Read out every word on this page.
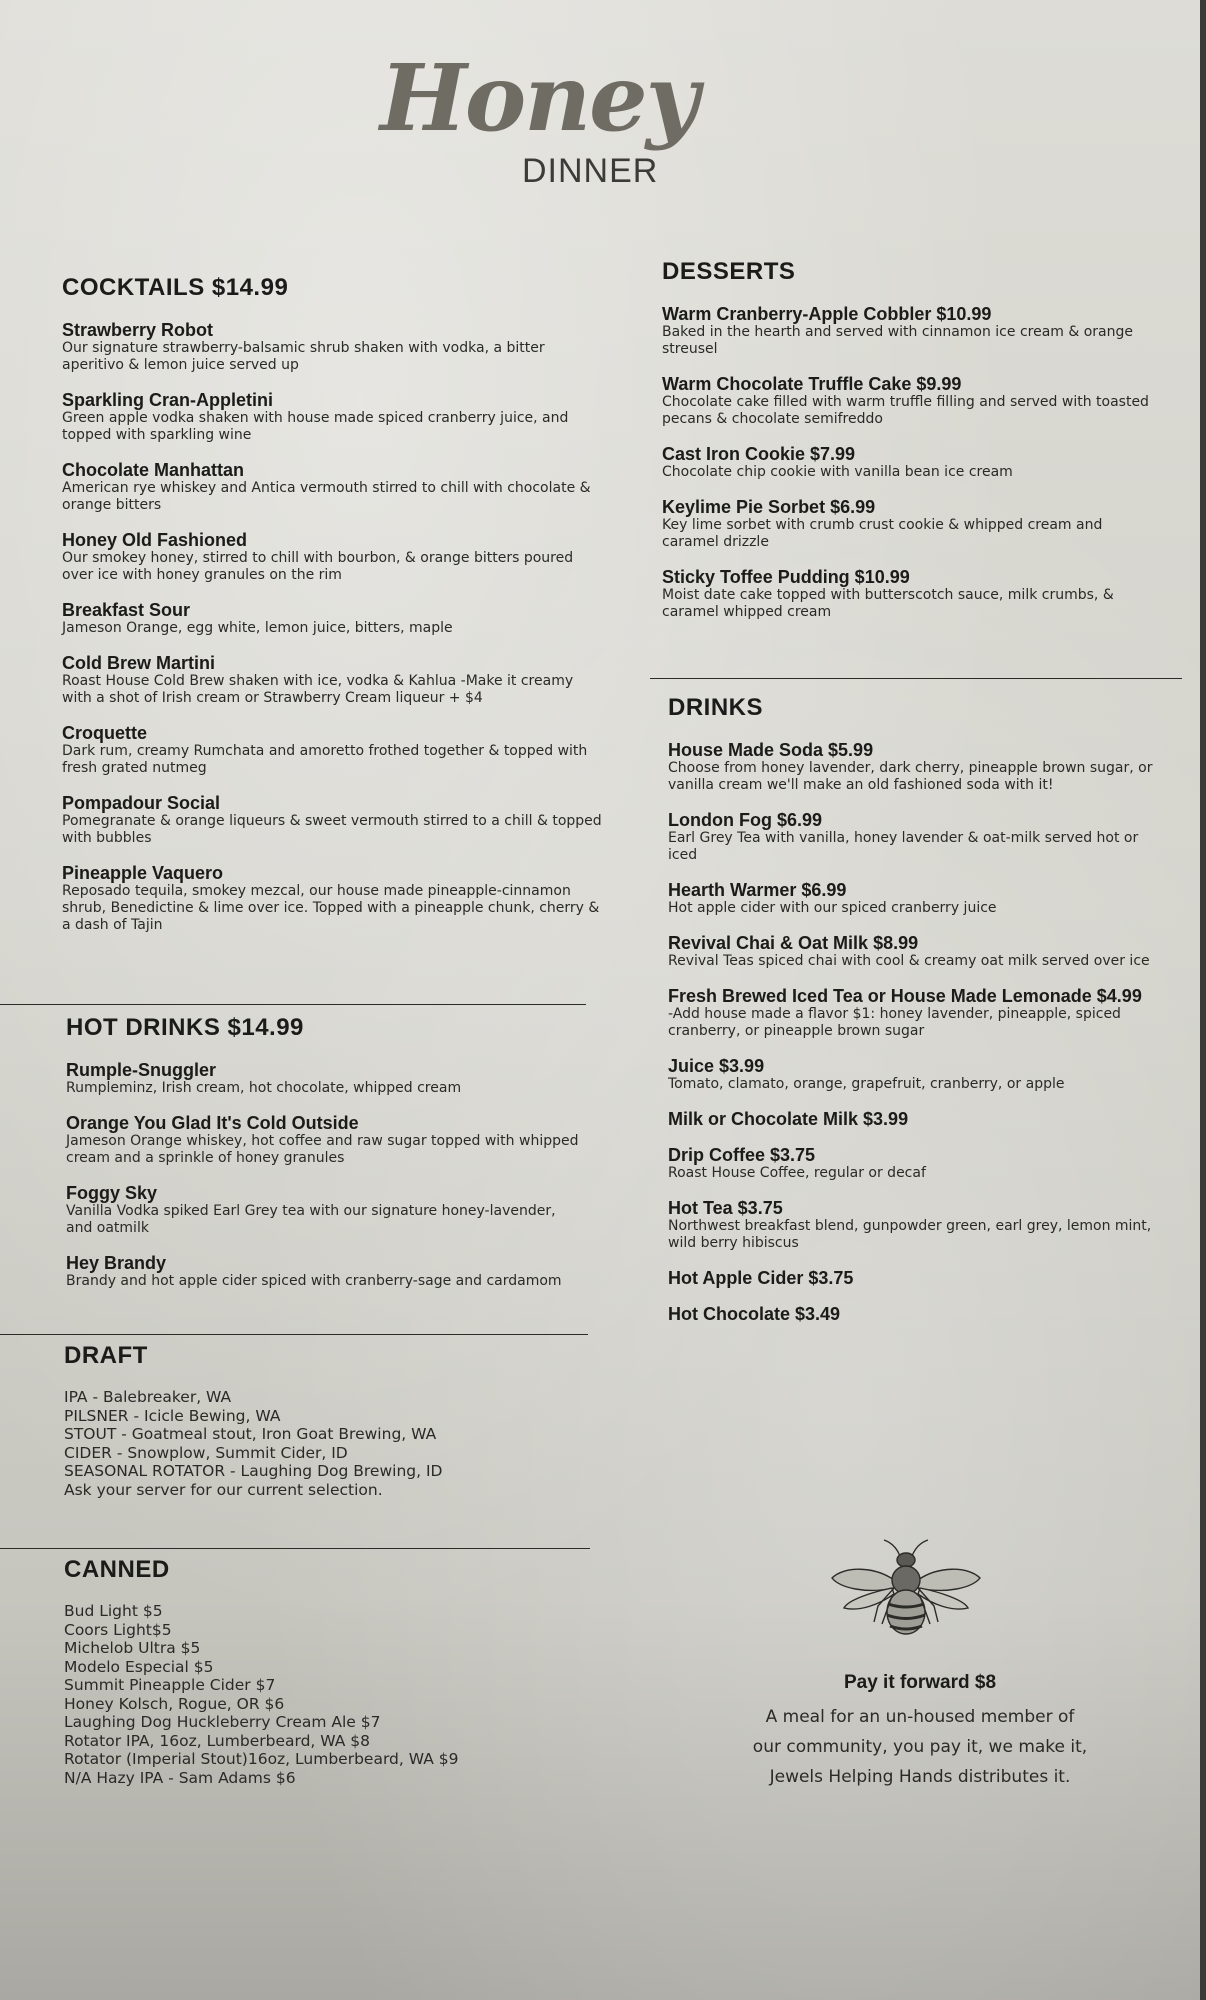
Honey
DINNER
COCKTAILS $14.99
Strawberry Robot
Our signature strawberry-balsamic shrub shaken with vodka, a bitter aperitivo & lemon juice served up
Sparkling Cran-Appletini
Green apple vodka shaken with house made spiced cranberry juice, and topped with sparkling wine
Chocolate Manhattan
American rye whiskey and Antica vermouth stirred to chill with chocolate & orange bitters
Honey Old Fashioned
Our smokey honey, stirred to chill with bourbon, & orange bitters poured over ice with honey granules on the rim
Breakfast Sour
Jameson Orange, egg white, lemon juice, bitters, maple
Cold Brew Martini
Roast House Cold Brew shaken with ice, vodka & Kahlua -Make it creamy with a shot of Irish cream or Strawberry Cream liqueur + $4
Croquette
Dark rum, creamy Rumchata and amoretto frothed together & topped with fresh grated nutmeg
Pompadour Social
Pomegranate & orange liqueurs & sweet vermouth stirred to a chill & topped with bubbles
Pineapple Vaquero
Reposado tequila, smokey mezcal, our house made pineapple-cinnamon shrub, Benedictine & lime over ice. Topped with a pineapple chunk, cherry & a dash of Tajin
HOT DRINKS $14.99
Rumple-Snuggler
Rumpleminz, Irish cream, hot chocolate, whipped cream
Orange You Glad It's Cold Outside
Jameson Orange whiskey, hot coffee and raw sugar topped with whipped cream and a sprinkle of honey granules
Foggy Sky
Vanilla Vodka spiked Earl Grey tea with our signature honey-lavender, and oatmilk
Hey Brandy
Brandy and hot apple cider spiced with cranberry-sage and cardamom
DRAFT
IPA - Balebreaker, WA
PILSNER - Icicle Bewing, WA
STOUT - Goatmeal stout, Iron Goat Brewing, WA
CIDER - Snowplow, Summit Cider, ID
SEASONAL ROTATOR - Laughing Dog Brewing, ID
Ask your server for our current selection.
CANNED
Bud Light $5
Coors Light$5
Michelob Ultra $5
Modelo Especial $5
Summit Pineapple Cider $7
Honey Kolsch, Rogue, OR $6
Laughing Dog Huckleberry Cream Ale $7
Rotator IPA, 16oz, Lumberbeard, WA $8
Rotator (Imperial Stout)16oz, Lumberbeard, WA $9
N/A Hazy IPA - Sam Adams $6
DESSERTS
Warm Cranberry-Apple Cobbler $10.99
Baked in the hearth and served with cinnamon ice cream & orange streusel
Warm Chocolate Truffle Cake $9.99
Chocolate cake filled with warm truffle filling and served with toasted pecans & chocolate semifreddo
Cast Iron Cookie $7.99
Chocolate chip cookie with vanilla bean ice cream
Keylime Pie Sorbet $6.99
Key lime sorbet with crumb crust cookie & whipped cream and caramel drizzle
Sticky Toffee Pudding $10.99
Moist date cake topped with butterscotch sauce, milk crumbs, & caramel whipped cream
DRINKS
House Made Soda $5.99
Choose from honey lavender, dark cherry, pineapple brown sugar, or vanilla cream we'll make an old fashioned soda with it!
London Fog $6.99
Earl Grey Tea with vanilla, honey lavender & oat-milk served hot or iced
Hearth Warmer $6.99
Hot apple cider with our spiced cranberry juice
Revival Chai & Oat Milk $8.99
Revival Teas spiced chai with cool & creamy oat milk served over ice
Fresh Brewed Iced Tea or House Made Lemonade $4.99
-Add house made a flavor $1: honey lavender, pineapple, spiced cranberry, or pineapple brown sugar
Juice $3.99
Tomato, clamato, orange, grapefruit, cranberry, or apple
Milk or Chocolate Milk $3.99
Drip Coffee $3.75
Roast House Coffee, regular or decaf
Hot Tea $3.75
Northwest breakfast blend, gunpowder green, earl grey, lemon mint, wild berry hibiscus
Hot Apple Cider $3.75
Hot Chocolate $3.49
Pay it forward $8
A meal for an un-housed member of
our community, you pay it, we make it,
Jewels Helping Hands distributes it.
